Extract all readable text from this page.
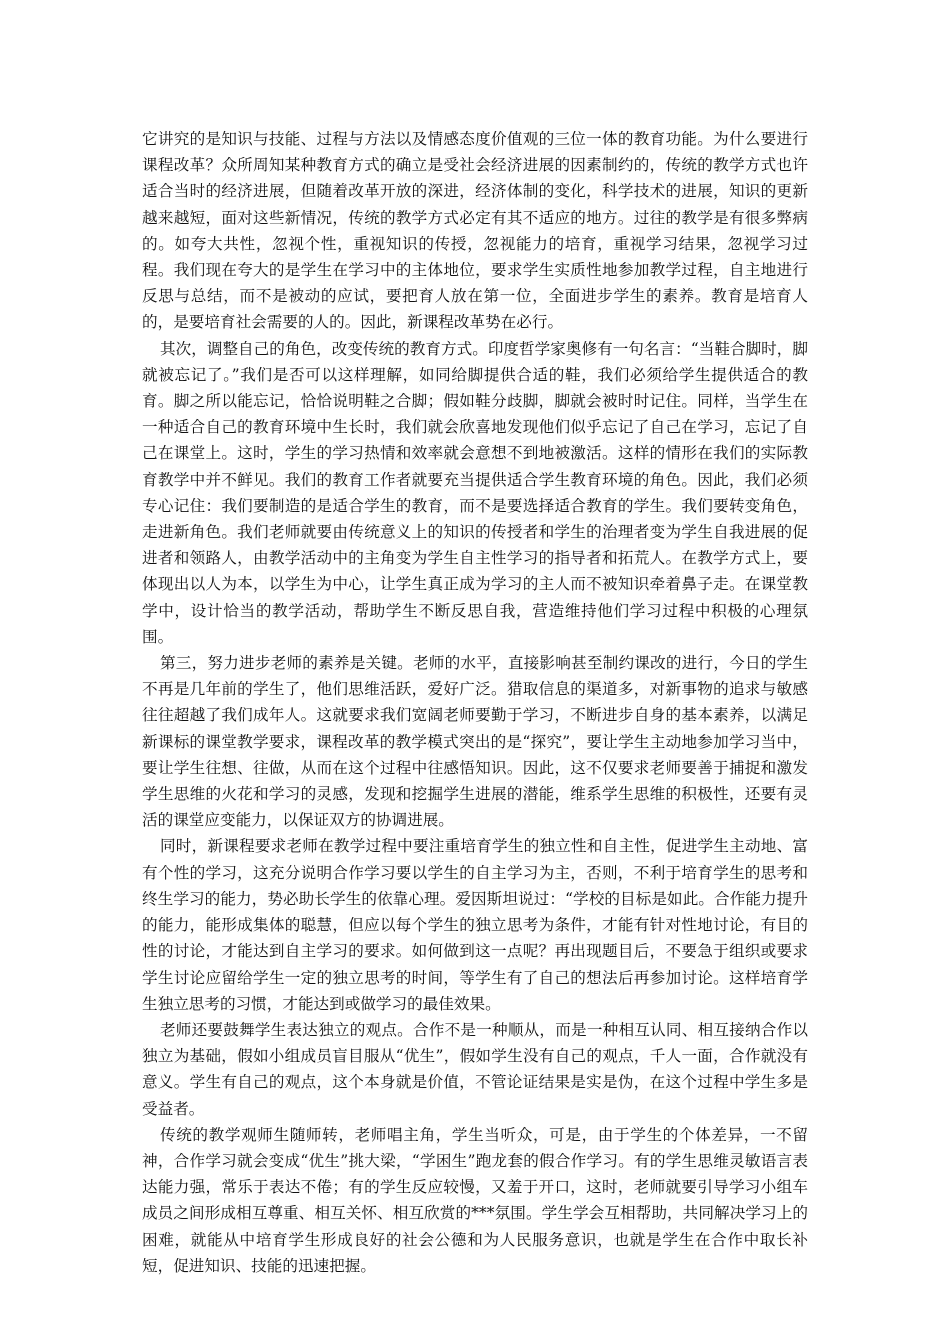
它讲究的是知识与技能、过程与方法以及情感态度价值观的三位一体的教育功能。为什么要进行课程改革？众所周知某种教育方式的确立是受社会经济进展的因素制约的，传统的教学方式也许适合当时的经济进展，但随着改革开放的深进，经济体制的变化，科学技术的进展，知识的更新越来越短，面对这些新情况，传统的教学方式必定有其不适应的地方。过往的教学是有很多弊病的。如夸大共性，忽视个性，重视知识的传授，忽视能力的培育，重视学习结果，忽视学习过程。我们现在夸大的是学生在学习中的主体地位，要求学生实质性地参加教学过程，自主地进行反思与总结，而不是被动的应试，要把育人放在第一位，全面进步学生的素养。教育是培育人的，是要培育社会需要的人的。因此，新课程改革势在必行。

其次，调整自己的角色，改变传统的教育方式。印度哲学家奥修有一句名言：“当鞋合脚时，脚就被忘记了。”我们是否可以这样理解，如同给脚提供合适的鞋，我们必须给学生提供适合的教育。脚之所以能忘记，恰恰说明鞋之合脚；假如鞋分歧脚，脚就会被时时记住。同样，当学生在一种适合自己的教育环境中生长时，我们就会欣喜地发现他们似乎忘记了自己在学习，忘记了自己在课堂上。这时，学生的学习热情和效率就会意想不到地被激活。这样的情形在我们的实际教育教学中并不鲜见。我们的教育工作者就要充当提供适合学生教育环境的角色。因此，我们必须专心记住：我们要制造的是适合学生的教育，而不是要选择适合教育的学生。我们要转变角色，走进新角色。我们老师就要由传统意义上的知识的传授者和学生的治理者变为学生自我进展的促进者和领路人，由教学活动中的主角变为学生自主性学习的指导者和拓荒人。在教学方式上，要体现出以人为本，以学生为中心，让学生真正成为学习的主人而不被知识牵着鼻子走。在课堂教学中，设计恰当的教学活动，帮助学生不断反思自我，营造维持他们学习过程中积极的心理氛围。

第三，努力进步老师的素养是关键。老师的水平，直接影响甚至制约课改的进行，今日的学生不再是几年前的学生了，他们思维活跃，爱好广泛。猎取信息的渠道多，对新事物的追求与敏感往往超越了我们成年人。这就要求我们宽阔老师要勤于学习，不断进步自身的基本素养，以满足新课标的课堂教学要求，课程改革的教学模式突出的是“探究”，要让学生主动地参加学习当中，要让学生往想、往做，从而在这个过程中往感悟知识。因此，这不仅要求老师要善于捕捉和激发学生思维的火花和学习的灵感，发现和挖掘学生进展的潜能，维系学生思维的积极性，还要有灵活的课堂应变能力，以保证双方的协调进展。

同时，新课程要求老师在教学过程中要注重培育学生的独立性和自主性，促进学生主动地、富有个性的学习，这充分说明合作学习要以学生的自主学习为主，否则，不利于培育学生的思考和终生学习的能力，势必助长学生的依靠心理。爱因斯坦说过：“学校的目标是如此。合作能力提升的能力，能形成集体的聪慧，但应以每个学生的独立思考为条件，才能有针对性地讨论，有目的性的讨论，才能达到自主学习的要求。如何做到这一点呢？再出现题目后，不要急于组织或要求学生讨论应留给学生一定的独立思考的时间，等学生有了自己的想法后再参加讨论。这样培育学生独立思考的习惯，才能达到或做学习的最佳效果。

老师还要鼓舞学生表达独立的观点。合作不是一种顺从，而是一种相互认同、相互接纳合作以独立为基础，假如小组成员盲目服从“优生”，假如学生没有自己的观点，千人一面，合作就没有意义。学生有自己的观点，这个本身就是价值，不管论证结果是实是伪，在这个过程中学生多是受益者。

传统的教学观师生随师转，老师唱主角，学生当听众，可是，由于学生的个体差异，一不留神，合作学习就会变成“优生”挑大梁，“学困生”跑龙套的假合作学习。有的学生思维灵敏语言表达能力强，常乐于表达不倦；有的学生反应较慢，又羞于开口，这时，老师就要引导学习小组车成员之间形成相互尊重、相互关怀、相互欣赏的***氛围。学生学会互相帮助，共同解决学习上的困难，就能从中培育学生形成良好的社会公德和为人民服务意识，也就是学生在合作中取长补短，促进知识、技能的迅速把握。
